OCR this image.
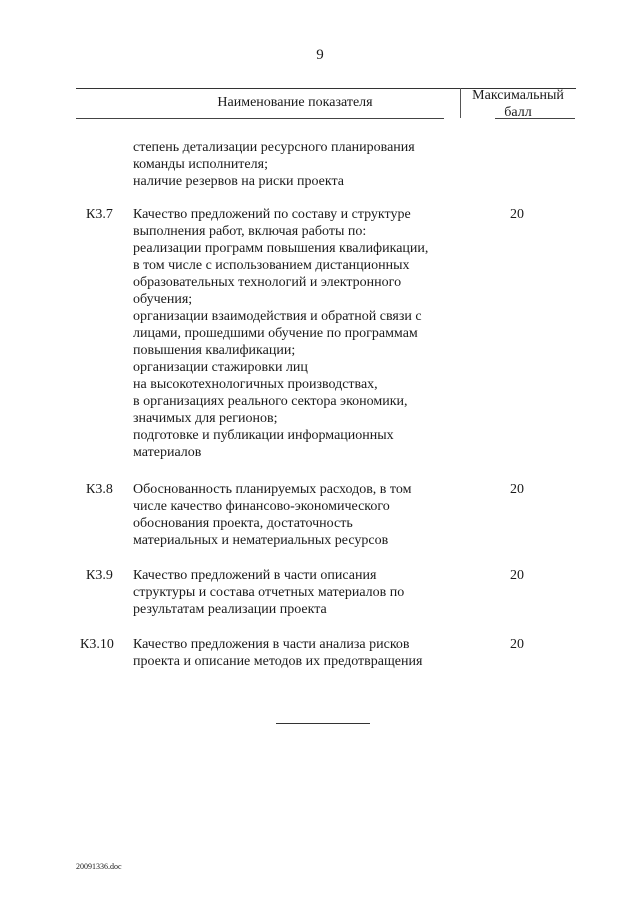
9
Наименование показателя	Максимальный
балл
степень детализации ресурсного планирования
команды исполнителя;
наличие резервов на риски проекта
К3.7 Качество предложений по составу и структуре
выполнения работ, включая работы по:
реализации программ повышения квалификации,
в том числе с использованием дистанционных
образовательных технологий и электронного
обучения;
организации взаимодействия и обратной связи с
лицами, прошедшими обучение по программам
повышения квалификации;
организации стажировки лиц
на высокотехнологичных производствах,
в организациях реального сектора экономики,
значимых для регионов;
подготовке и публикации информационных
материалов
20
К3.8 Обоснованность планируемых расходов, в том
числе качество финансово-экономического
обоснования проекта, достаточность
материальных и нематериальных ресурсов
20
К3.9 Качество предложений в части описания
структуры и состава отчетных материалов по
результатам реализации проекта
20
К3.10 Качество предложения в части анализа рисков
проекта и описание методов их предотвращения
20
20091336.doc
